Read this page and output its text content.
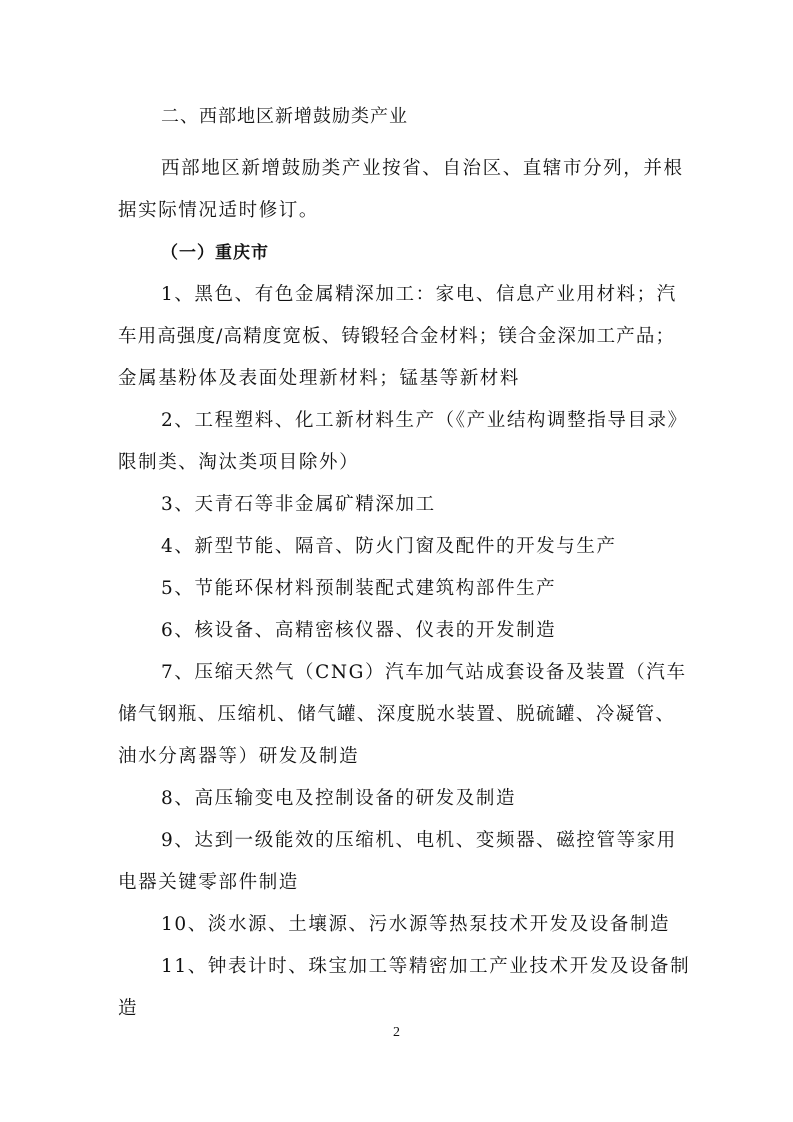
二、西部地区新增鼓励类产业

西部地区新增鼓励类产业按省、自治区、直辖市分列，并根

据实际情况适时修订。

（一）重庆市

1、黑色、有色金属精深加工：家电、信息产业用材料；汽

车用高强度/高精度宽板、铸锻轻合金材料；镁合金深加工产品；

金属基粉体及表面处理新材料；锰基等新材料

2、工程塑料、化工新材料生产（《产业结构调整指导目录》

限制类、淘汰类项目除外）

3、天青石等非金属矿精深加工

4、新型节能、隔音、防火门窗及配件的开发与生产

5、节能环保材料预制装配式建筑构部件生产

6、核设备、高精密核仪器、仪表的开发制造

7、压缩天然气（CNG）汽车加气站成套设备及装置（汽车

储气钢瓶、压缩机、储气罐、深度脱水装置、脱硫罐、冷凝管、

油水分离器等）研发及制造

8、高压输变电及控制设备的研发及制造

9、达到一级能效的压缩机、电机、变频器、磁控管等家用

电器关键零部件制造

10、淡水源、土壤源、污水源等热泵技术开发及设备制造

11、钟表计时、珠宝加工等精密加工产业技术开发及设备制

造

2
